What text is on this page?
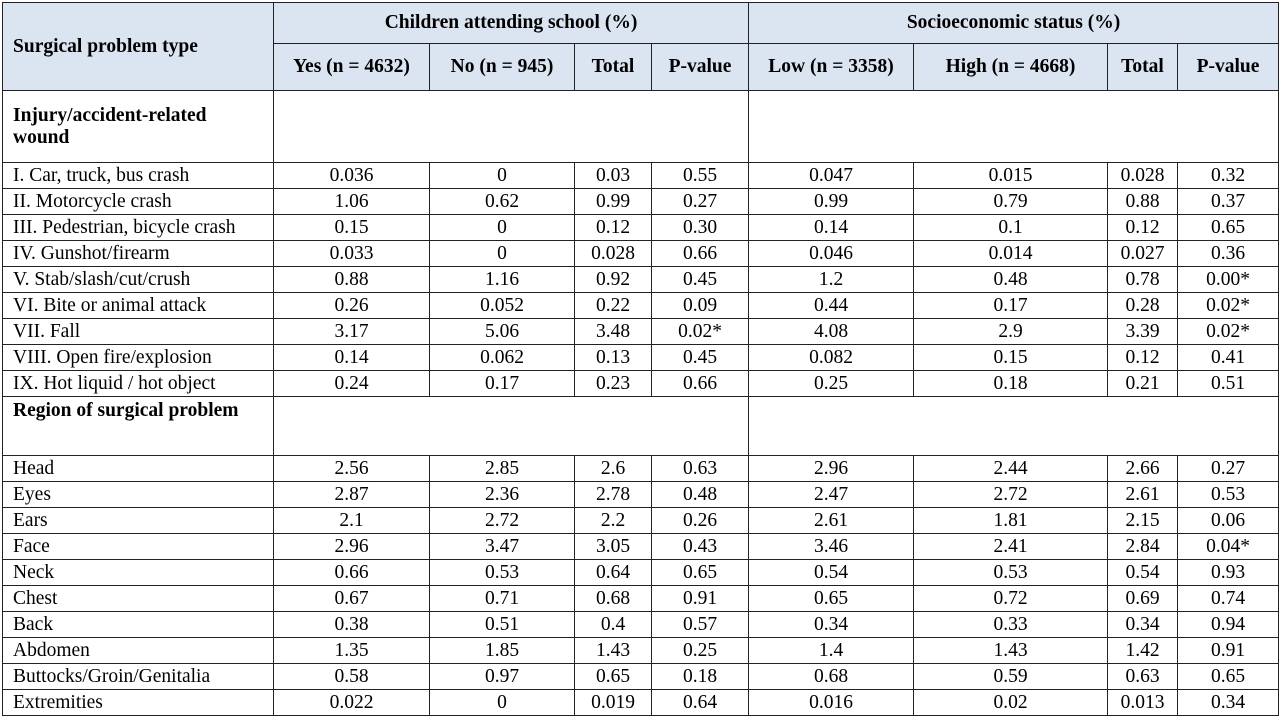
Surgical problem type	Children attending school (%)				Socioeconomic status (%)			
	Yes (n = 4632)	No (n = 945)	Total	P-value	Low (n = 3358)	High (n = 4668)	Total	P-value
Injury/accident-related wound								
I. Car, truck, bus crash	0.036	0	0.03	0.55	0.047	0.015	0.028	0.32
II. Motorcycle crash	1.06	0.62	0.99	0.27	0.99	0.79	0.88	0.37
III. Pedestrian, bicycle crash	0.15	0	0.12	0.30	0.14	0.1	0.12	0.65
IV. Gunshot/firearm	0.033	0	0.028	0.66	0.046	0.014	0.027	0.36
V. Stab/slash/cut/crush	0.88	1.16	0.92	0.45	1.2	0.48	0.78	0.00*
VI. Bite or animal attack	0.26	0.052	0.22	0.09	0.44	0.17	0.28	0.02*
VII. Fall	3.17	5.06	3.48	0.02*	4.08	2.9	3.39	0.02*
VIII. Open fire/explosion	0.14	0.062	0.13	0.45	0.082	0.15	0.12	0.41
IX. Hot liquid / hot object	0.24	0.17	0.23	0.66	0.25	0.18	0.21	0.51
Region of surgical problem								
Head	2.56	2.85	2.6	0.63	2.96	2.44	2.66	0.27
Eyes	2.87	2.36	2.78	0.48	2.47	2.72	2.61	0.53
Ears	2.1	2.72	2.2	0.26	2.61	1.81	2.15	0.06
Face	2.96	3.47	3.05	0.43	3.46	2.41	2.84	0.04*
Neck	0.66	0.53	0.64	0.65	0.54	0.53	0.54	0.93
Chest	0.67	0.71	0.68	0.91	0.65	0.72	0.69	0.74
Back	0.38	0.51	0.4	0.57	0.34	0.33	0.34	0.94
Abdomen	1.35	1.85	1.43	0.25	1.4	1.43	1.42	0.91
Buttocks/Groin/Genitalia	0.58	0.97	0.65	0.18	0.68	0.59	0.63	0.65
Extremities	0.022	0	0.019	0.64	0.016	0.02	0.013	0.34
